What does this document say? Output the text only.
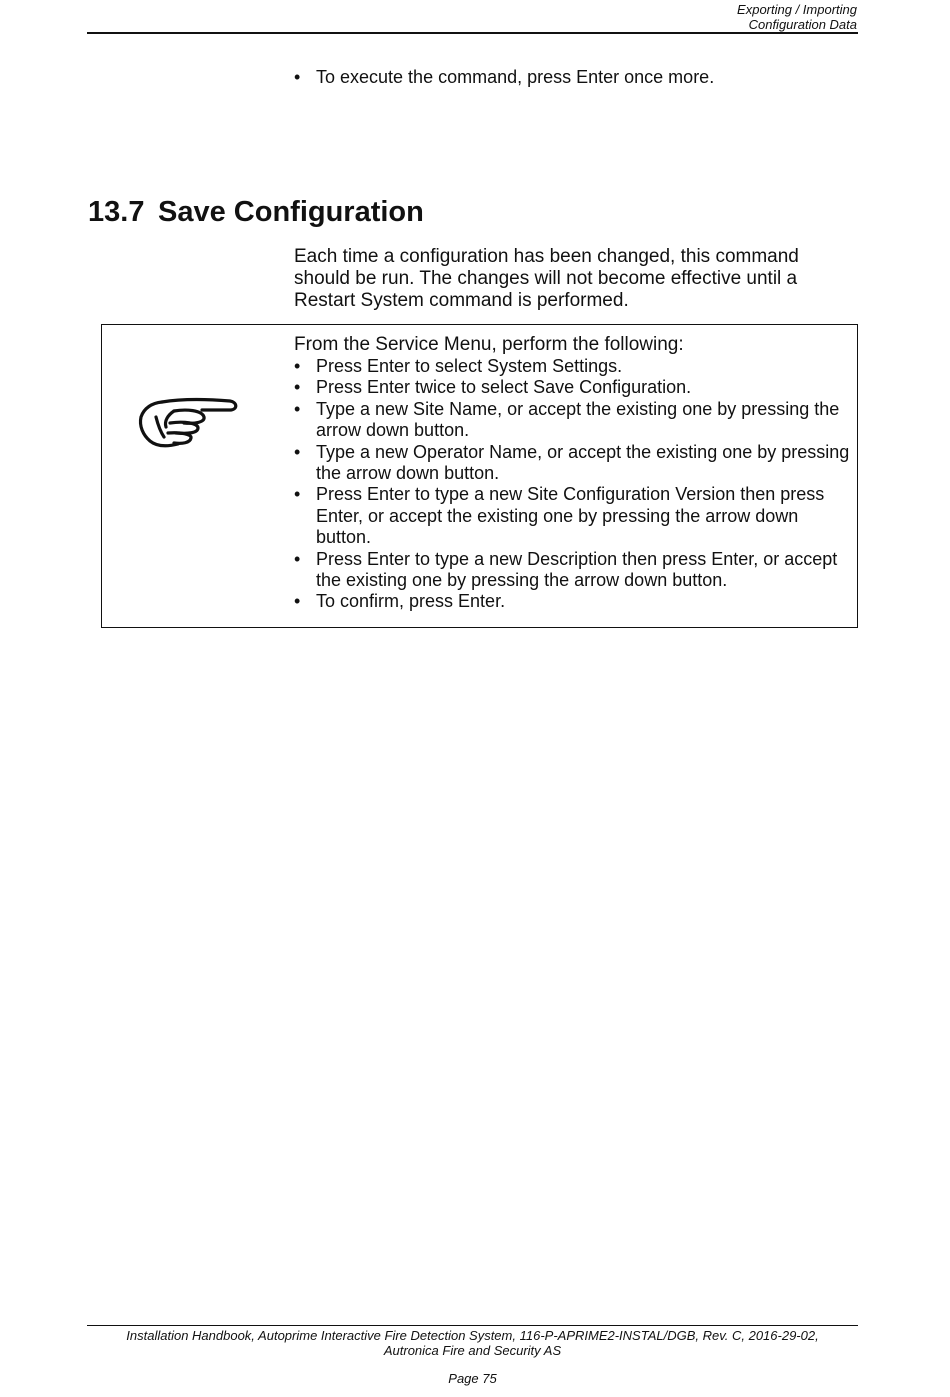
Exporting / Importing
Configuration Data
• To execute the command, press Enter once more.
13.7 Save Configuration

Each time a configuration has been changed, this command should be run. The changes will not become effective until a Restart System command is performed.

From the Service Menu, perform the following:

• Press Enter to select System Settings.
• Press Enter twice to select Save Configuration.
• Type a new Site Name, or accept the existing one by pressing the arrow down button.
• Type a new Operator Name, or accept the existing one by pressing the arrow down button.
• Press Enter to type a new Site Configuration Version then press Enter, or accept the existing one by pressing the arrow down button.
• Press Enter to type a new Description then press Enter, or accept the existing one by pressing the arrow down button.
• To confirm, press Enter.
Installation Handbook, Autoprime Interactive Fire Detection System, 116-P-APRIME2-INSTAL/DGB, Rev. C, 2016-29-02,
Autronica Fire and Security AS
Page 75
